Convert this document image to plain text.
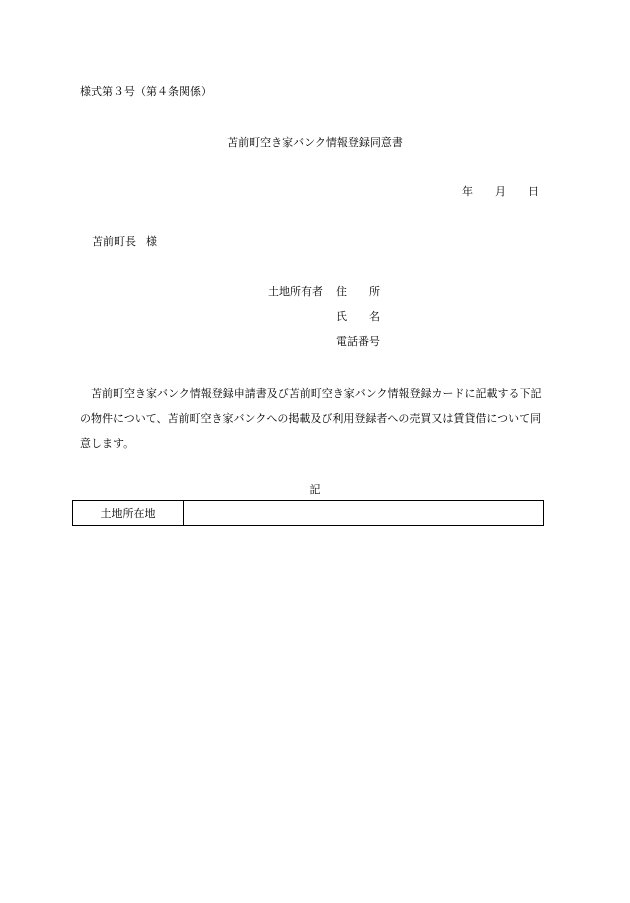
様式第３号（第４条関係）
苫前町空き家バンク情報登録同意書
年 月 日
苫前町長 様
土地所有者 住 所
氏 名
電話番号
苫前町空き家バンク情報登録申請書及び苫前町空き家バンク情報登録カードに記載する下記の物件について、苫前町空き家バンクへの掲載及び利用登録者への売買又は賃貸借について同意します。
記
土地所在地
